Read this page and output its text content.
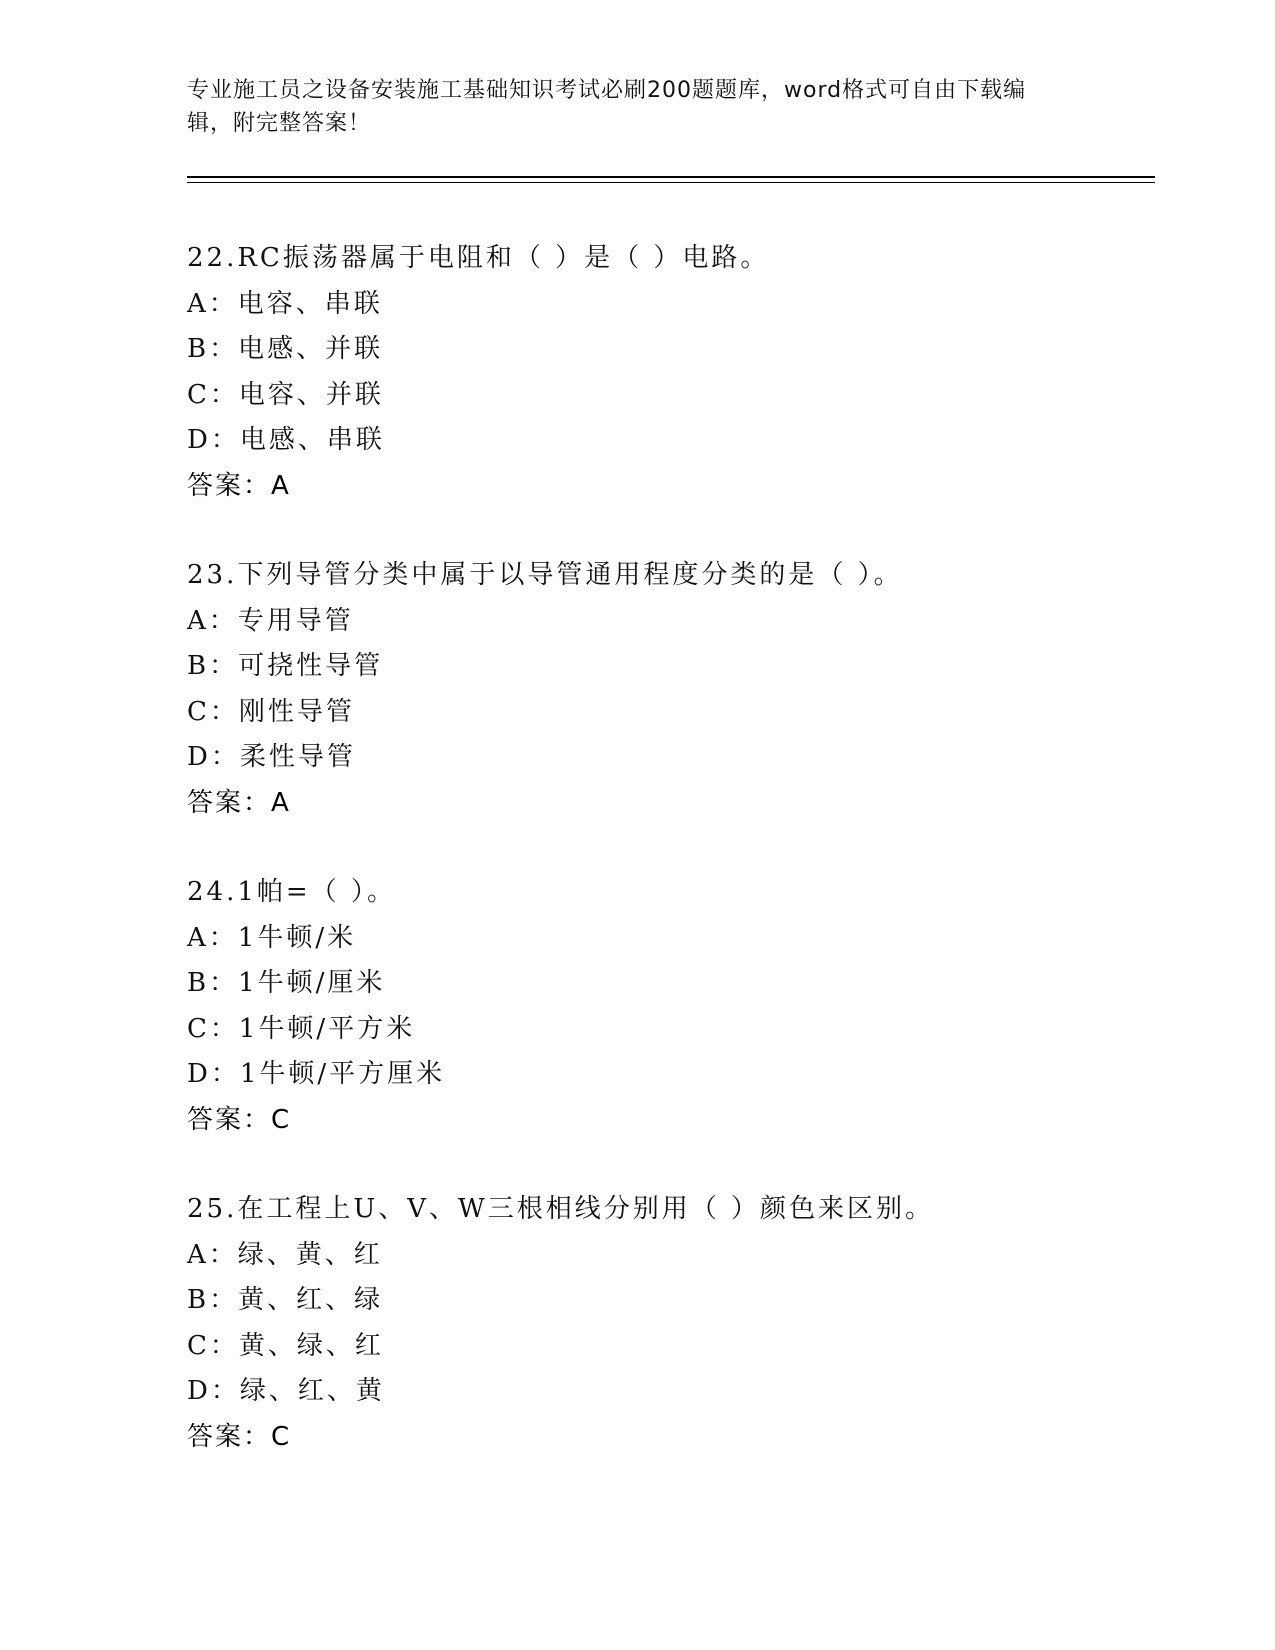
专业施工员之设备安装施工基础知识考试必刷200题题库，word格式可自由下载编辑，附完整答案！
22.RC振荡器属于电阻和（ ）是（ ）电路。
A：电容、串联
B：电感、并联
C：电容、并联
D：电感、串联
答案：A
23.下列导管分类中属于以导管通用程度分类的是（ ）。
A：专用导管
B：可挠性导管
C：刚性导管
D：柔性导管
答案：A
24.1帕=（ ）。
A：1牛顿/米
B：1牛顿/厘米
C：1牛顿/平方米
D：1牛顿/平方厘米
答案：C
25.在工程上U、V、W三根相线分别用（ ）颜色来区别。
A：绿、黄、红
B：黄、红、绿
C：黄、绿、红
D：绿、红、黄
答案：C
